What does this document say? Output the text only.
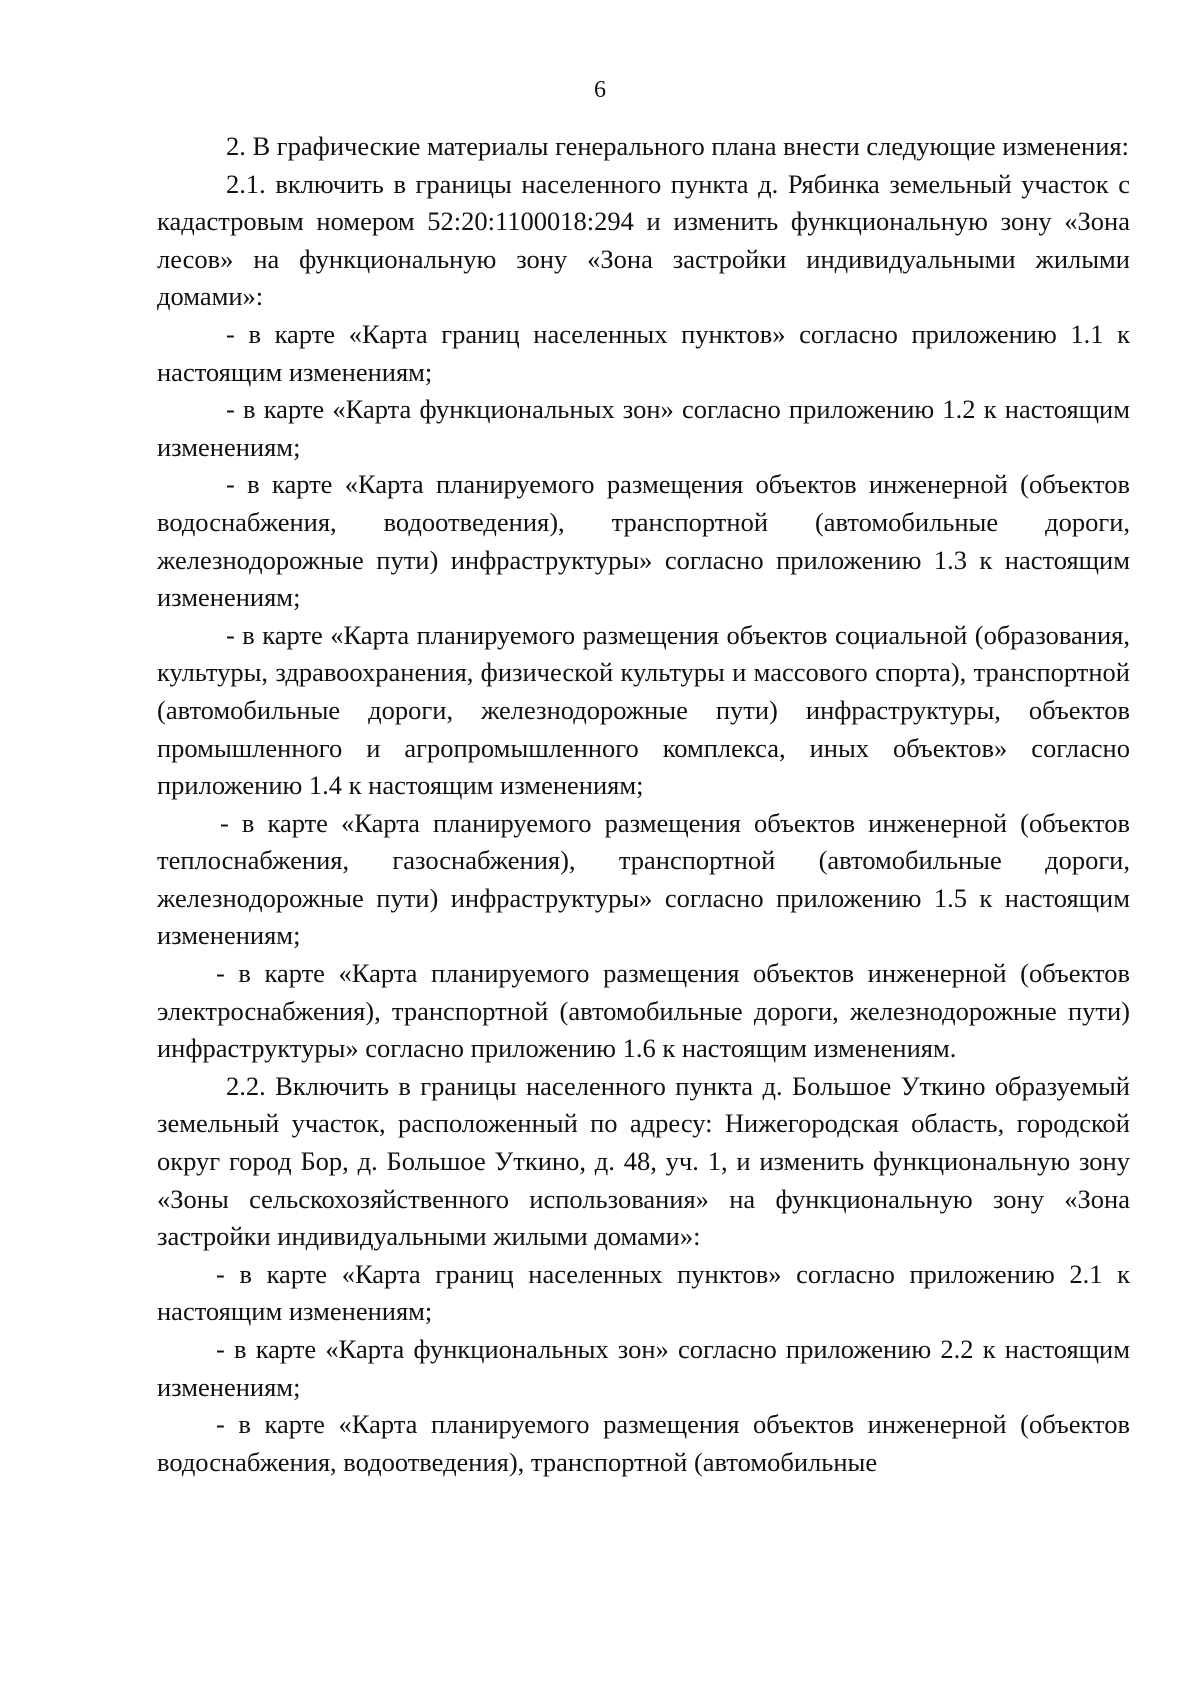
6

2. В графические материалы генерального плана внести следующие изменения:

2.1. включить в границы населенного пункта д. Рябинка земельный участок с кадастровым номером 52:20:1100018:294 и изменить функциональную зону «Зона лесов» на функциональную зону «Зона застройки индивидуальными жилыми домами»:

- в карте «Карта границ населенных пунктов» согласно приложению 1.1 к настоящим изменениям;

- в карте «Карта функциональных зон» согласно приложению 1.2 к настоящим изменениям;

- в карте «Карта планируемого размещения объектов инженерной (объектов водоснабжения, водоотведения), транспортной (автомобильные дороги, железнодорожные пути) инфраструктуры» согласно приложению 1.3 к настоящим изменениям;

- в карте «Карта планируемого размещения объектов социальной (образования, культуры, здравоохранения, физической культуры и массового спорта), транспортной (автомобильные дороги, железнодорожные пути) инфраструктуры, объектов промышленного и агропромышленного комплекса, иных объектов» согласно приложению 1.4 к настоящим изменениям;

- в карте «Карта планируемого размещения объектов инженерной (объектов теплоснабжения, газоснабжения), транспортной (автомобильные дороги, железнодорожные пути) инфраструктуры» согласно приложению 1.5 к настоящим изменениям;

- в карте «Карта планируемого размещения объектов инженерной (объектов электроснабжения), транспортной (автомобильные дороги, железнодорожные пути) инфраструктуры» согласно приложению 1.6 к настоящим изменениям.

2.2. Включить в границы населенного пункта д. Большое Уткино образуемый земельный участок, расположенный по адресу: Нижегородская область, городской округ город Бор, д. Большое Уткино, д. 48, уч. 1, и изменить функциональную зону «Зоны сельскохозяйственного использования» на функциональную зону «Зона застройки индивидуальными жилыми домами»:

- в карте «Карта границ населенных пунктов» согласно приложению 2.1 к настоящим изменениям;

- в карте «Карта функциональных зон» согласно приложению 2.2 к настоящим изменениям;

- в карте «Карта планируемого размещения объектов инженерной (объектов водоснабжения, водоотведения), транспортной (автомобильные
